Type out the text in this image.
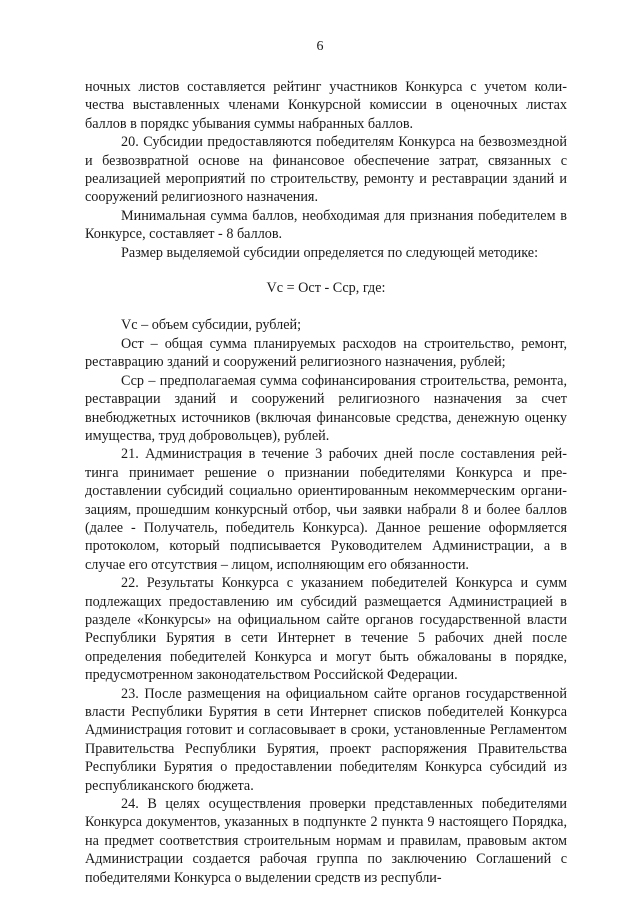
6

ночных листов составляется рейтинг участников Конкурса с учетом количества выставленных членами Конкурсной комиссии в оценочных листах баллов в порядкс убывания суммы набранных баллов.

20. Субсидии предоставляются победителям Конкурса на безвозмездной и безвозвратной основе на финансовое обеспечение затрат, связанных с реализацией мероприятий по строительству, ремонту и реставрации зданий и сооружений религиозного назначения.

Минимальная сумма баллов, необходимая для признания победителем в Конкурсе, составляет - 8 баллов.

Размер выделяемой субсидии определяется по следующей методике:

Vс = Ост - Сср, где:

Vc – объем субсидии, рублей;

Ост – общая сумма планируемых расходов на строительство, ремонт, реставрацию зданий и сооружений религиозного назначения, рублей;

Сср – предполагаемая сумма софинансирования строительства, ремонта, реставрации зданий и сооружений религиозного назначения за счет внебюджетных источников (включая финансовые средства, денежную оценку имущества, труд добровольцев), рублей.

21. Администрация в течение 3 рабочих дней после составления рейтинга принимает решение о признании победителями Конкурса и предоставлении субсидий социально ориентированным некоммерческим организациям, прошедшим конкурсный отбор, чьи заявки набрали 8 и более баллов (далее - Получатель, победитель Конкурса). Данное решение оформляется протоколом, который подписывается Руководителем Администрации, а в случае его отсутствия – лицом, исполняющим его обязанности.

22. Результаты Конкурса с указанием победителей Конкурса и сумм подлежащих предоставлению им субсидий размещается Администрацией в разделе «Конкурсы» на официальном сайте органов государственной власти Республики Бурятия в сети Интернет в течение 5 рабочих дней после определения победителей Конкурса и могут быть обжалованы в порядке, предусмотренном законодательством Российской Федерации.

23. После размещения на официальном сайте органов государственной власти Республики Бурятия в сети Интернет списков победителей Конкурса Администрация готовит и согласовывает в сроки, установленные Регламентом Правительства Республики Бурятия, проект распоряжения Правительства Республики Бурятия о предоставлении победителям Конкурса субсидий из республиканского бюджета.

24. В целях осуществления проверки представленных победителями Конкурса документов, указанных в подпункте 2 пункта 9 настоящего Порядка, на предмет соответствия строительным нормам и правилам, правовым актом Администрации создается рабочая группа по заключению Соглашений с победителями Конкурса о выделении средств из республи-
